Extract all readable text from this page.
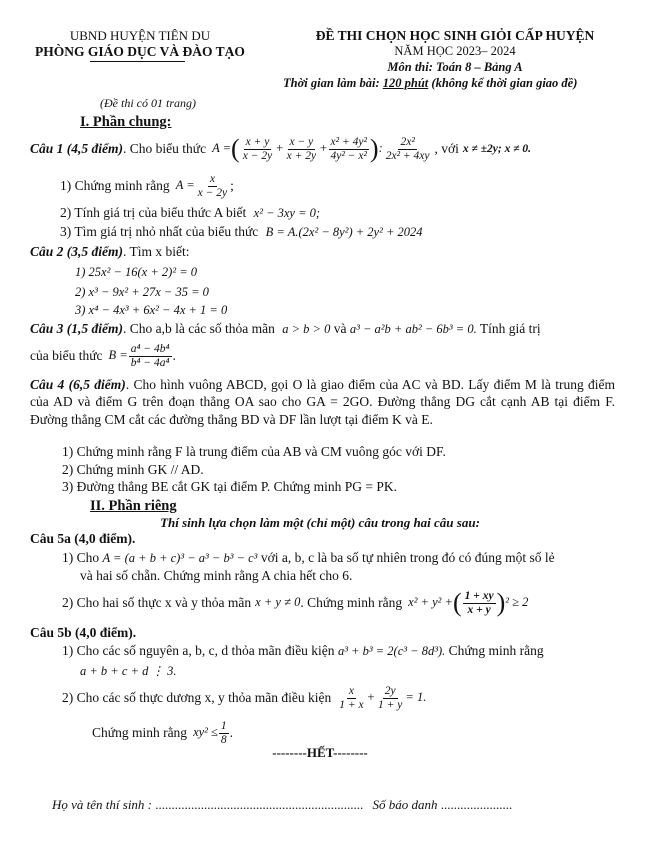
UBND HUYỆN TIÊN DU
PHÒNG GIÁO DỤC VÀ ĐÀO TẠO
ĐỀ THI CHỌN HỌC SINH GIỎI CẤP HUYỆN
NĂM HỌC 2023– 2024
Môn thi: Toán 8 – Bảng A
Thời gian làm bài: 120 phút (không kể thời gian giao đề)
(Đề thi có 01 trang)
I. Phần chung:
Câu 1 (4,5 điểm) . Cho biểu thức A = ( $\frac{x + y}{x - 2y} + \frac{x - y}{x + 2y} + \frac{\text{x² + 4y²}}{\text{4y² − x²}}$ ) : $\frac{\text{2x²}}{\text{2x² + 4xy}}$ , với x ≠ ±2y; x ≠ 0.
1) Chứng minh rằng $A = \frac{x}{x - 2y}$ ;
2) Tính giá trị của biểu thức A biết x² − 3xy = 0;
3) Tìm giá trị nhỏ nhất của biểu thức B = A.(2x² − 8y²) + 2y² + 2024
Câu 2 (3,5 điểm). Tìm x biết:
1) 25x² − 16(x + 2)² = 0
2) x³ − 9x² + 27x − 35 = 0
3) x⁴ − 4x³ + 6x² − 4x + 1 = 0
Câu 3 (1,5 điểm). Cho a,b là các số thỏa mãn a > b > 0 và a³ − a²b + ab² − 6b³ = 0. Tính giá trị
của biểu thức $B = \frac{\text{a⁴ − 4b⁴}}{\text{b⁴ − 4a⁴}}$ .
Câu 4 (6,5 điểm). Cho hình vuông ABCD, gọi O là giao điểm của AC và BD. Lấy điểm M là trung điểm của AD và điểm G trên đoạn thẳng OA sao cho GA = 2GO. Đường thẳng DG cắt cạnh AB tại điểm F. Đường thẳng CM cắt các đường thẳng BD và DF lần lượt tại điểm K và E.
1) Chứng minh rằng F là trung điểm của AB và CM vuông góc với DF.
2) Chứng minh GK // AD.
3) Đường thẳng BE cắt GK tại điểm P. Chứng minh PG = PK.
II. Phần riêng
Thí sinh lựa chọn làm một (chỉ một) câu trong hai câu sau:
Câu 5a (4,0 điểm).
1) Cho A = (a + b + c)³ − a³ − b³ − c³ với a, b, c là ba số tự nhiên trong đó có đúng một số lẻ
và hai số chẵn. Chứng minh rằng A chia hết cho 6.
2) Cho hai số thực x và y thỏa mãn x + y ≠ 0 . Chứng minh rằng x² + y² + ( $\frac{1 + xy}{x + y}$ ) ² ≥ 2
Câu 5b (4,0 điểm).
1) Cho các số nguyên a, b, c, d thỏa mãn điều kiện a³ + b³ = 2(c³ − 8d³). Chứng minh rằng
a + b + c + d ⋮ 3.
2) Cho các số thực dương x, y thỏa mãn điều kiện $\frac{x}{1 + x} + \frac{2y}{1 + y} = 1$.
Chứng minh rằng $xy^2 \le \frac{1}{8}$ .
--------HẾT--------
Họ và tên thí sinh : ................................................................ Số báo danh ......................
